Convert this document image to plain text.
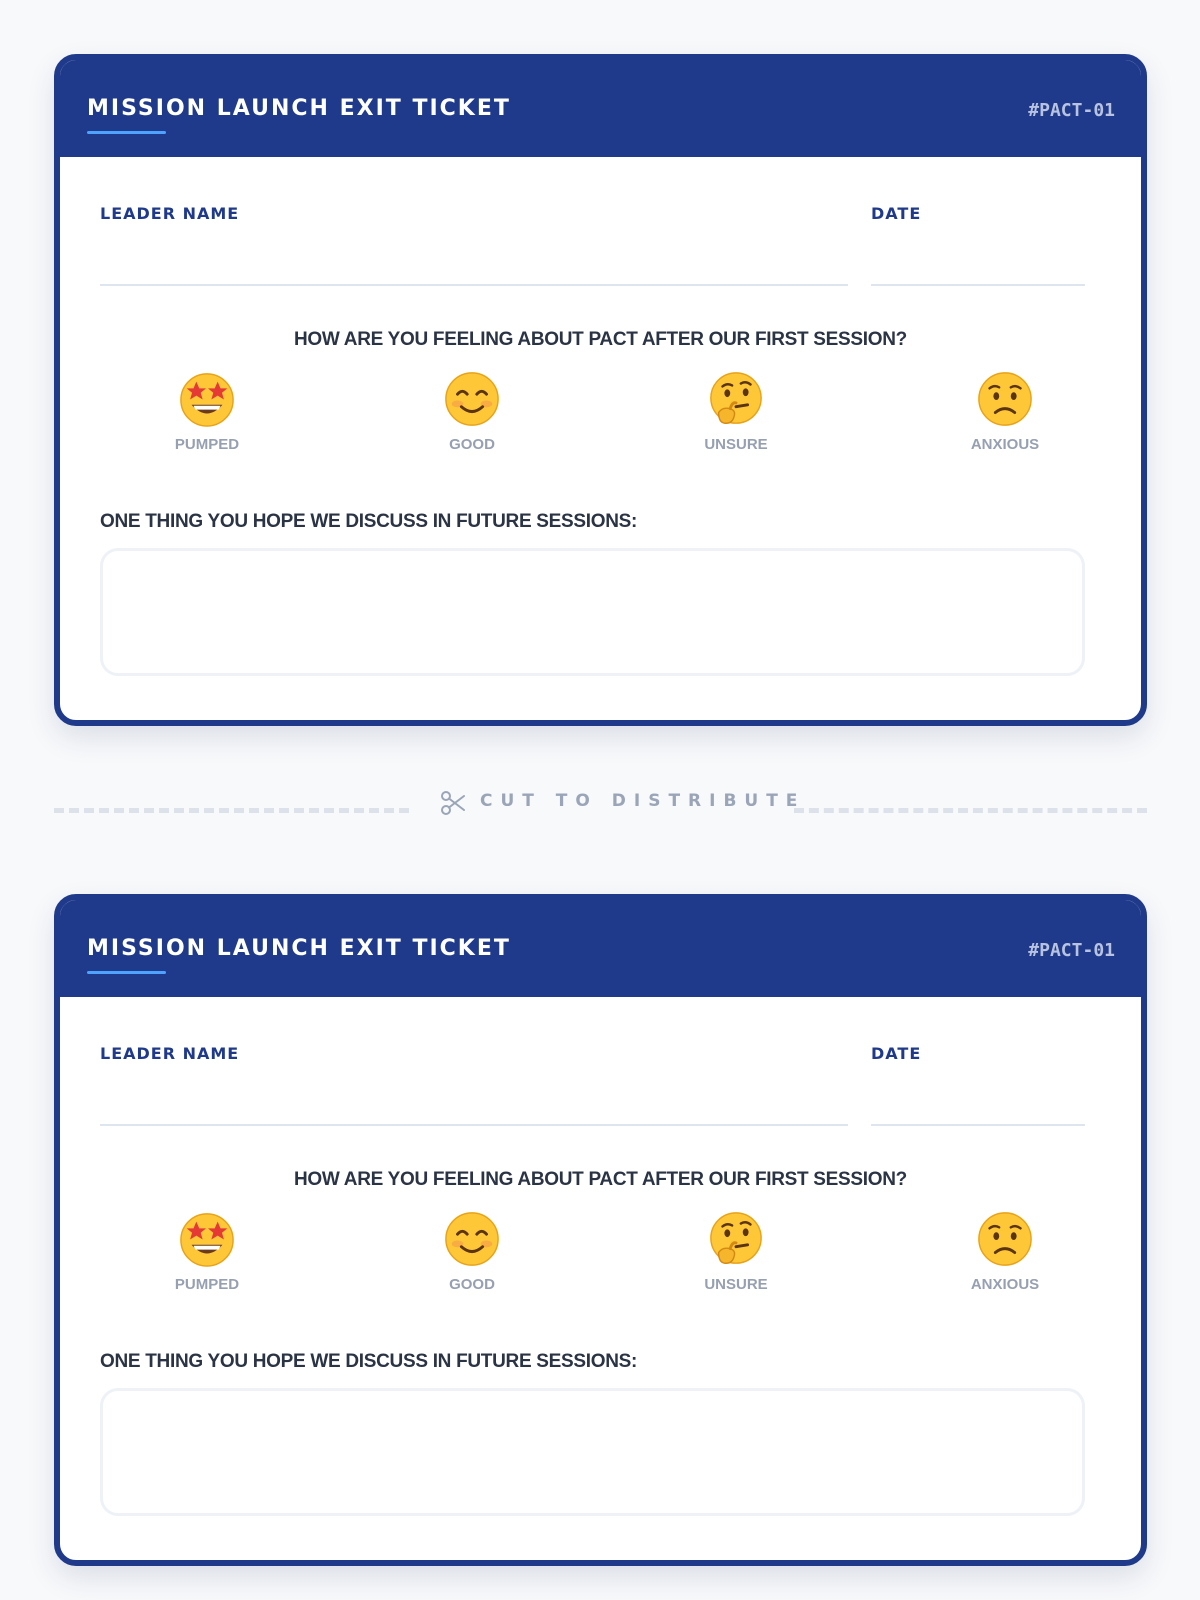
MISSION LAUNCH EXIT TICKET	#PACT-01
LEADER NAME	DATE
HOW ARE YOU FEELING ABOUT PACT AFTER OUR FIRST SESSION?
PUMPED	GOOD	UNSURE	ANXIOUS
ONE THING YOU HOPE WE DISCUSS IN FUTURE SESSIONS:
CUT TO DISTRIBUTE
MISSION LAUNCH EXIT TICKET	#PACT-01
LEADER NAME	DATE
HOW ARE YOU FEELING ABOUT PACT AFTER OUR FIRST SESSION?
PUMPED	GOOD	UNSURE	ANXIOUS
ONE THING YOU HOPE WE DISCUSS IN FUTURE SESSIONS:
